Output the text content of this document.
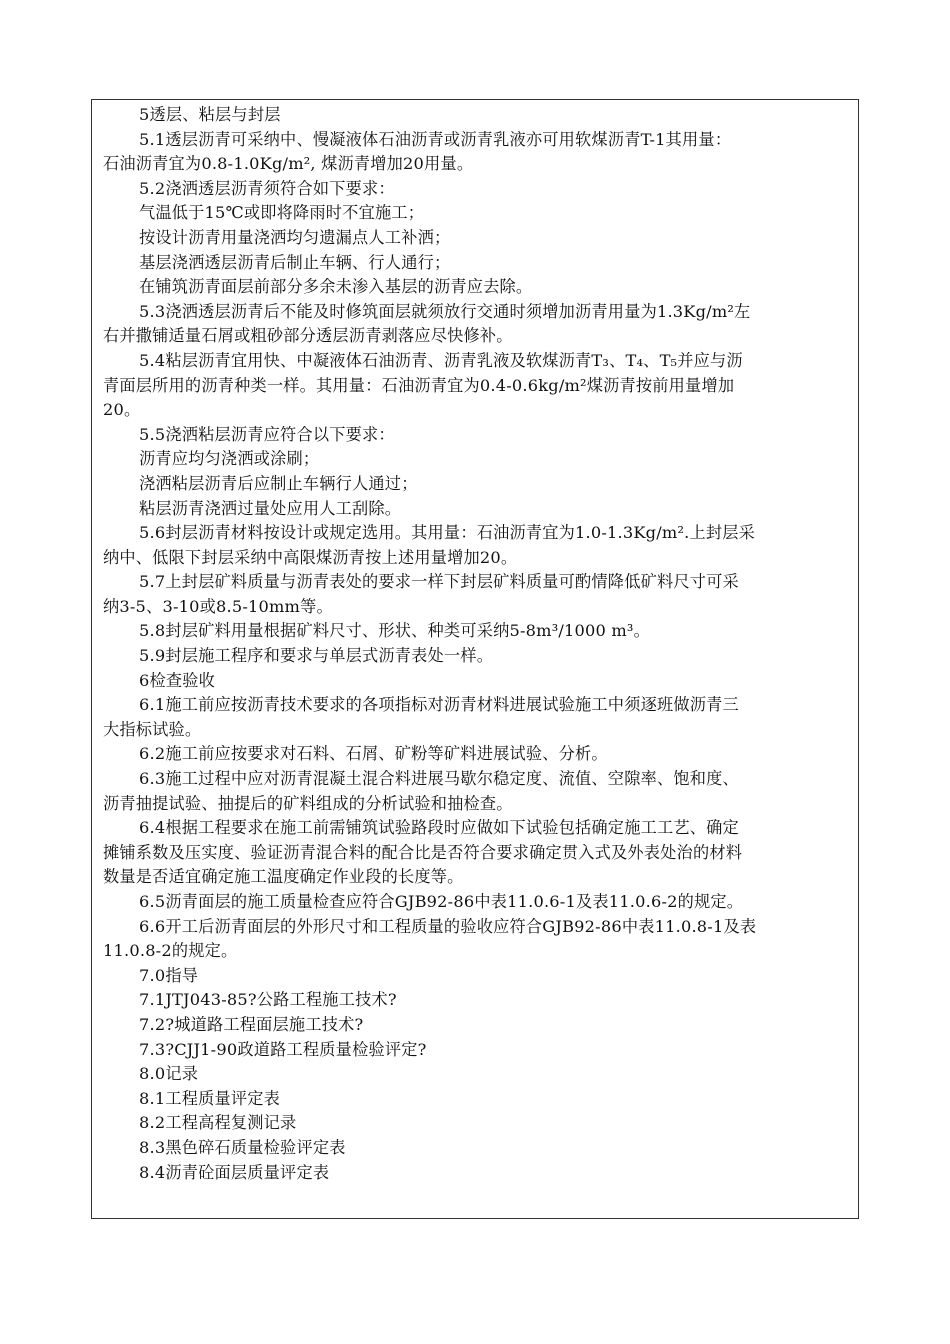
5透层、粘层与封层

5.1透层沥青可采纳中、慢凝液体石油沥青或沥青乳液亦可用软煤沥青T-1其用量：

石油沥青宜为0.8-1.0Kg/m², 煤沥青增加20用量。

5.2浇洒透层沥青须符合如下要求：

气温低于15℃或即将降雨时不宜施工；

按设计沥青用量浇洒均匀遗漏点人工补洒；

基层浇洒透层沥青后制止车辆、行人通行；

在铺筑沥青面层前部分多余未渗入基层的沥青应去除。

5.3浇洒透层沥青后不能及时修筑面层就须放行交通时须增加沥青用量为1.3Kg/m²左

右并撒铺适量石屑或粗砂部分透层沥青剥落应尽快修补。

5.4粘层沥青宜用快、中凝液体石油沥青、沥青乳液及软煤沥青T₃、T₄、T₅并应与沥

青面层所用的沥青种类一样。其用量：石油沥青宜为0.4-0.6kg/m²煤沥青按前用量增加

20。

5.5浇洒粘层沥青应符合以下要求：

沥青应均匀浇洒或涂刷；

浇洒粘层沥青后应制止车辆行人通过；

粘层沥青浇洒过量处应用人工刮除。

5.6封层沥青材料按设计或规定选用。其用量：石油沥青宜为1.0-1.3Kg/m².上封层采

纳中、低限下封层采纳中高限煤沥青按上述用量增加20。

5.7上封层矿料质量与沥青表处的要求一样下封层矿料质量可酌情降低矿料尺寸可采

纳3-5、3-10或8.5-10mm等。

5.8封层矿料用量根据矿料尺寸、形状、种类可采纳5-8m³/1000 m³。

5.9封层施工程序和要求与单层式沥青表处一样。

6检查验收

6.1施工前应按沥青技术要求的各项指标对沥青材料进展试验施工中须逐班做沥青三

大指标试验。

6.2施工前应按要求对石料、石屑、矿粉等矿料进展试验、分析。

6.3施工过程中应对沥青混凝土混合料进展马歇尔稳定度、流值、空隙率、饱和度、

沥青抽提试验、抽提后的矿料组成的分析试验和抽检查。

6.4根据工程要求在施工前需铺筑试验路段时应做如下试验包括确定施工工艺、确定

摊铺系数及压实度、验证沥青混合料的配合比是否符合要求确定贯入式及外表处治的材料

数量是否适宜确定施工温度确定作业段的长度等。

6.5沥青面层的施工质量检查应符合GJB92-86中表11.0.6-1及表11.0.6-2的规定。

6.6开工后沥青面层的外形尺寸和工程质量的验收应符合GJB92-86中表11.0.8-1及表

11.0.8-2的规定。

7.0指导

7.1JTJ043-85?公路工程施工技术?

7.2?城道路工程面层施工技术?

7.3?CJJ1-90政道路工程质量检验评定?

8.0记录

8.1工程质量评定表

8.2工程高程复测记录

8.3黑色碎石质量检验评定表

8.4沥青砼面层质量评定表
